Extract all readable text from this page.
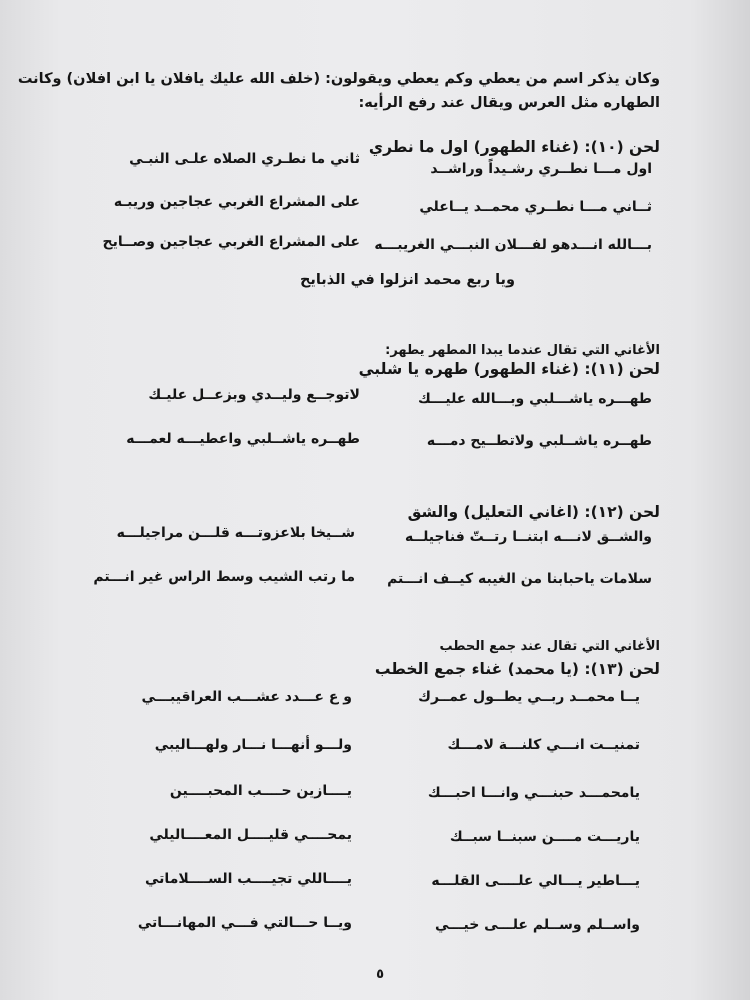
وكان يذكر اسم من يعطي وكم يعطي ويقولون: (خلف الله عليك يافلان يا ابن افلان) وكانت
الطهاره مثل العرس ويقال عند رفع الرأيه:
لحن (١٠): (غناء الطهور) اول ما نطري
اول مـــا نطــري رشـيداً وراشــد
ثاني ما نطـري الصلاه علـى النبـي
ثــاني مـــا نطــري محمــد يــاعلي
على المشراع الغربي عجاجين وريبـه
بـــالله انـــدهو لفـــلان النبـــي الغريبـــه
على المشراع الغربي عجاجين وصــايح
ويا ربع محمد انزلوا في الذبايح
الأغاني التي تقال عندما يبدا المطهر يطهر:
لحن (١١): (غناء الطهور) طهره يا شلبي
طهـــره ياشـــلبي وبـــالله عليـــك
لاتوجــع وليــدي وبزعــل عليـك
طهــره ياشــلبي ولاتطــيح دمـــه
طهــره ياشــلبي واعطيـــه لعمـــه
لحن (١٢): (اغاني التعليل) والشق
والشــق لانـــه ابتنــا رتــتّ فناجيلــه
شــيخا بلاعزوتـــه قلـــن مراجيلـــه
سلامات ياحبابنا من الغيبه كيــف انـــتم
ما رتب الشيب وسط الراس غير انـــتم
الأغاني التي تقال عند جمع الحطب
لحن (١٣): (يا محمد) غناء جمع الخطب
يــا محمــد ربــي يطــول عمــرك
و ع عـــدد عشـــب العراقيبـــي
تمنيــت انـــي كلنـــة لامـــك
ولـــو أنهـــا نـــار ولهـــاليبي
يامحمـــد حبنـــي وانـــا احبـــك
يــــازين حــــب المحبــــين
ياريـــت مــــن سبنــا سبــك
يمحــــي قليــــل المعــــاليلي
يـــاطير يـــالي علــــى القلـــه
يــــاللي تجيــــب الســــلاماتي
واســلم وســلم علـــى خيـــي
ويــا حـــالتي فـــي المهانـــاتي
٥
